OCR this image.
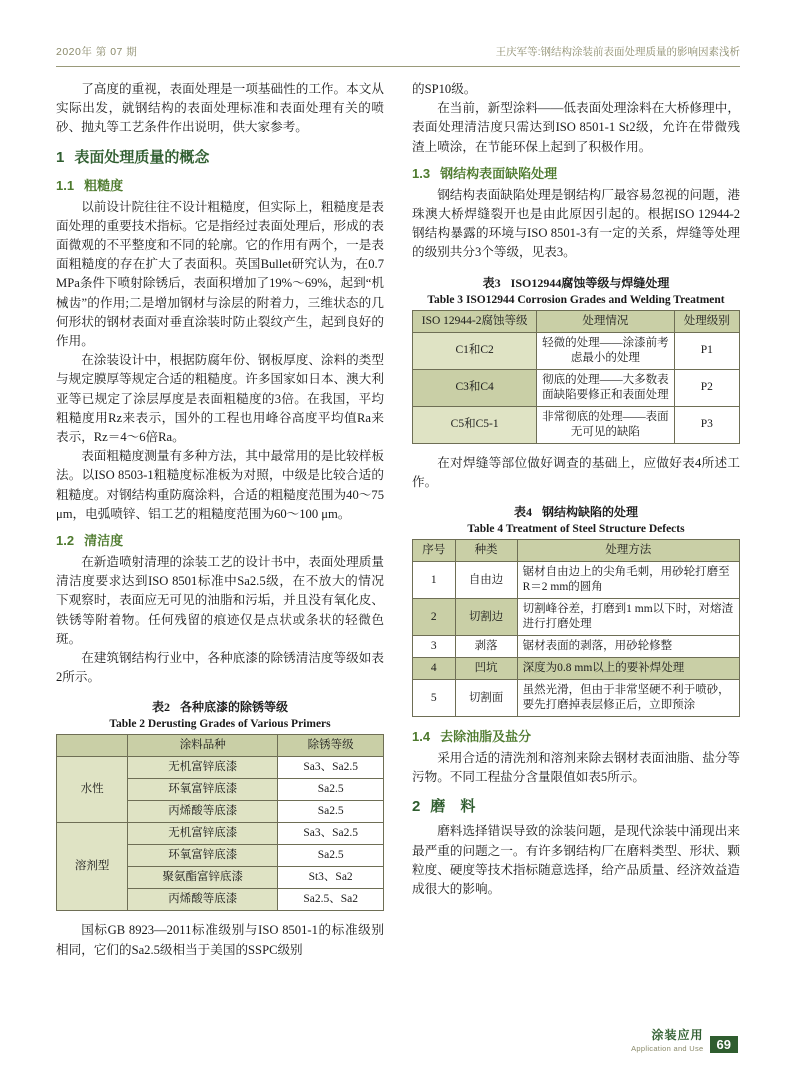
2020年 第 07 期	王庆军等:钢结构涂装前表面处理质量的影响因素浅析

了高度的重视，表面处理是一项基础性的工作。本文从实际出发，就钢结构的表面处理标准和表面处理有关的喷砂、抛丸等工艺条件作出说明，供大家参考。

1 表面处理质量的概念
1.1 粗糙度

以前设计院往往不设计粗糙度，但实际上，粗糙度是表面处理的重要技术指标。它是指经过表面处理后，形成的表面微观的不平整度和不同的轮廓。它的作用有两个，一是表面粗糙度的存在扩大了表面积。英国Bullet研究认为，在0.7 MPa条件下喷射除锈后，表面积增加了19%～69%，起到“机械齿”的作用;二是增加钢材与涂层的附着力，三维状态的几何形状的钢材表面对垂直涂装时防止裂纹产生，起到良好的作用。

在涂装设计中，根据防腐年份、钢板厚度、涂料的类型与规定膜厚等规定合适的粗糙度。许多国家如日本、澳大利亚等已规定了涂层厚度是表面粗糙度的3倍。在我国，平均粗糙度用Rz来表示，国外的工程也用峰谷高度平均值Ra来表示，Rz＝4～6倍Ra。

表面粗糙度测量有多种方法，其中最常用的是比较样板法。以ISO 8503-1粗糙度标准板为对照，中级是比较合适的粗糙度。对钢结构重防腐涂料，合适的粗糙度范围为40～75 μm，电弧喷锌、铝工艺的粗糙度范围为60～100 μm。

1.2 清洁度

在新造喷射清理的涂装工艺的设计书中，表面处理质量清洁度要求达到ISO 8501标准中Sa2.5级，在不放大的情况下观察时，表面应无可见的油脂和污垢，并且没有氧化皮、铁锈等附着物。任何残留的痕迹仅是点状或条状的轻微色斑。

在建筑钢结构行业中，各种底漆的除锈清洁度等级如表2所示。

表2 各种底漆的除锈等级
Table 2 Derusting Grades of Various Primers
	涂料品种	除锈等级
水性	无机富锌底漆	Sa3、Sa2.5
	环氧富锌底漆	Sa2.5
	丙烯酸等底漆	Sa2.5
溶剂型	无机富锌底漆	Sa3、Sa2.5
	环氧富锌底漆	Sa2.5
	聚氨酯富锌底漆	St3、Sa2
	丙烯酸等底漆	Sa2.5、Sa2

国标GB 8923—2011标准级别与ISO 8501-1的标准级别相同，它们的Sa2.5级相当于美国的SSPC级别

的SP10级。

在当前，新型涂料——低表面处理涂料在大桥修理中，表面处理清洁度只需达到ISO 8501-1 St2级，允许在带微残渣上喷涂，在节能环保上起到了积极作用。

1.3 钢结构表面缺陷处理

钢结构表面缺陷处理是钢结构厂最容易忽视的问题，港珠澳大桥焊缝裂开也是由此原因引起的。根据ISO 12944-2钢结构暴露的环境与ISO 8501-3有一定的关系，焊缝等处理的级别共分3个等级，见表3。

表3 ISO12944腐蚀等级与焊缝处理
Table 3 ISO12944 Corrosion Grades and Welding Treatment
ISO 12944-2腐蚀等级	处理情况	处理级别
C1和C2	轻微的处理——涂漆前考虑最小的处理	P1
C3和C4	彻底的处理——大多数表面缺陷要修正和表面处理	P2
C5和C5-1	非常彻底的处理——表面无可见的缺陷	P3

在对焊缝等部位做好调查的基础上，应做好表4所述工作。

表4 钢结构缺陷的处理
Table 4 Treatment of Steel Structure Defects
序号	种类	处理方法
1	自由边	锯材自由边上的尖角毛刺，用砂轮打磨至R＝2 mm的圆角
2	切割边	切割峰谷差，打磨到1 mm以下时，对熔渣进行打磨处理
3	剥落	锯材表面的剥落，用砂轮修整
4	凹坑	深度为0.8 mm以上的要补焊处理
5	切割面	虽然光滑，但由于非常坚硬不利于喷砂，要先打磨掉表层修正后，立即预涂
1.4 去除油脂及盐分

采用合适的清洗剂和溶剂来除去钢材表面油脂、盐分等污物。不同工程盐分含量限值如表5所示。

2 磨　料

磨料选择错误导致的涂装问题，是现代涂装中涌现出来最严重的问题之一。有许多钢结构厂在磨料类型、形状、颗粒度、硬度等技术指标随意选择，给产品质量、经济效益造成很大的影响。

涂装应用
Application and Use	69
